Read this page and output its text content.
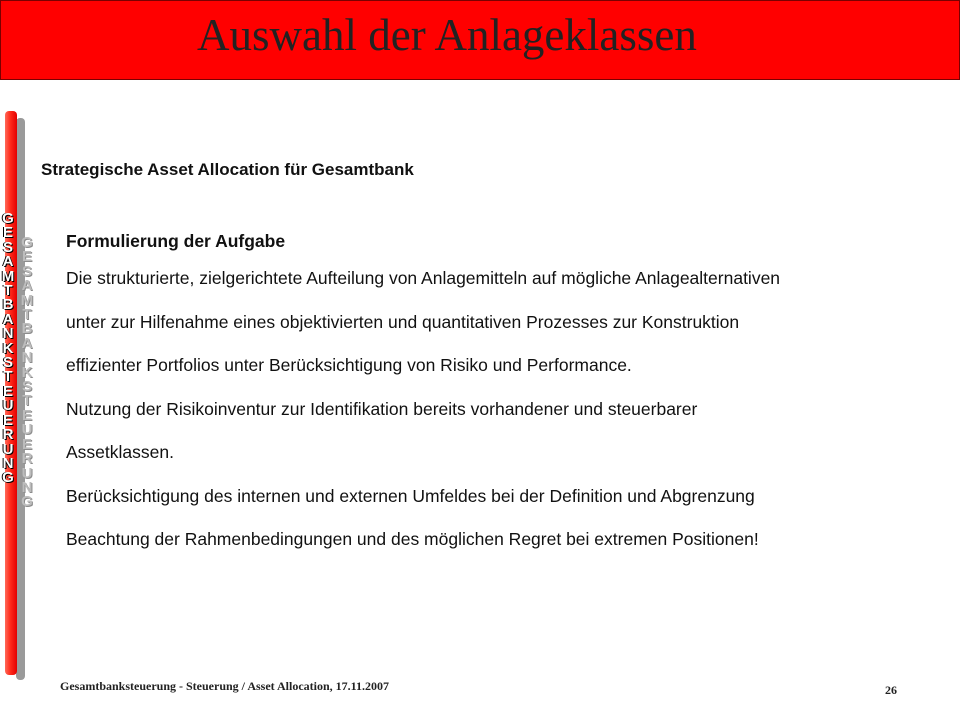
Auswahl der Anlageklassen
G
E
S
A
M
T
B
A
N
K
S
T
E
U
E
R
U
N
G
G
E
S
A
M
T
B
A
N
K
S
T
E
U
E
R
U
N
G
Strategische Asset Allocation für Gesamtbank
Formulierung der Aufgabe
Die strukturierte, zielgerichtete Aufteilung von Anlagemitteln auf mögliche Anlagealternativen
unter zur Hilfenahme eines objektivierten und quantitativen Prozesses zur Konstruktion
effizienter Portfolios unter Berücksichtigung von Risiko und Performance.
Nutzung der Risikoinventur zur Identifikation bereits vorhandener und steuerbarer
Assetklassen.
Berücksichtigung des internen und externen Umfeldes bei der Definition und Abgrenzung
Beachtung der Rahmenbedingungen und des möglichen Regret bei extremen Positionen!
Gesamtbanksteuerung - Steuerung / Asset Allocation, 17.11.2007	26
